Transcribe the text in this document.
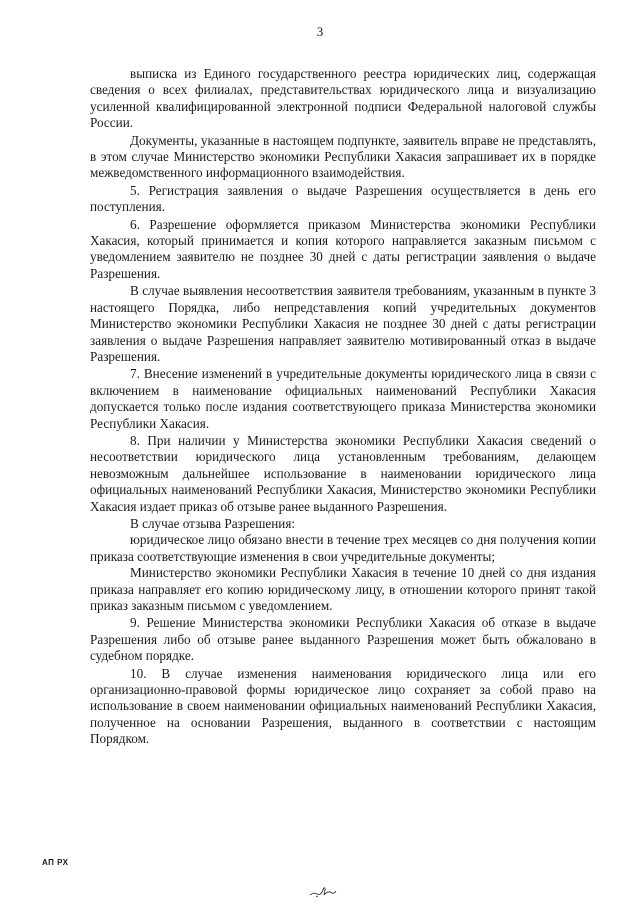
3

выписка из Единого государственного реестра юридических лиц, содержащая сведения о всех филиалах, представительствах юридического лица и визуализацию усиленной квалифицированной электронной подписи Федеральной налоговой службы России.

Документы, указанные в настоящем подпункте, заявитель вправе не представлять, в этом случае Министерство экономики Республики Хакасия запрашивает их в порядке межведомственного информационного взаимодействия.

5. Регистрация заявления о выдаче Разрешения осуществляется в день его поступления.

6. Разрешение оформляется приказом Министерства экономики Республики Хакасия, который принимается и копия которого направляется заказным письмом с уведомлением заявителю не позднее 30 дней с даты регистрации заявления о выдаче Разрешения.

В случае выявления несоответствия заявителя требованиям, указанным в пункте 3 настоящего Порядка, либо непредставления копий учредительных документов Министерство экономики Республики Хакасия не позднее 30 дней с даты регистрации заявления о выдаче Разрешения направляет заявителю мотивированный отказ в выдаче Разрешения.

7. Внесение изменений в учредительные документы юридического лица в связи с включением в наименование официальных наименований Республики Хакасия допускается только после издания соответствующего приказа Министерства экономики Республики Хакасия.

8. При наличии у Министерства экономики Республики Хакасия сведений о несоответствии юридического лица установленным требованиям, делающем невозможным дальнейшее использование в наименовании юридического лица официальных наименований Республики Хакасия, Министерство экономики Республики Хакасия издает приказ об отзыве ранее выданного Разрешения.

В случае отзыва Разрешения:

юридическое лицо обязано внести в течение трех месяцев со дня получения копии приказа соответствующие изменения в свои учредительные документы;

Министерство экономики Республики Хакасия в течение 10 дней со дня издания приказа направляет его копию юридическому лицу, в отношении которого принят такой приказ заказным письмом с уведомлением.

9. Решение Министерства экономики Республики Хакасия об отказе в выдаче Разрешения либо об отзыве ранее выданного Разрешения может быть обжаловано в судебном порядке.

10. В случае изменения наименования юридического лица или его организационно-правовой формы юридическое лицо сохраняет за собой право на использование в своем наименовании официальных наименований Республики Хакасия, полученное на основании Разрешения, выданного в соответствии с настоящим Порядком.

АП РХ
